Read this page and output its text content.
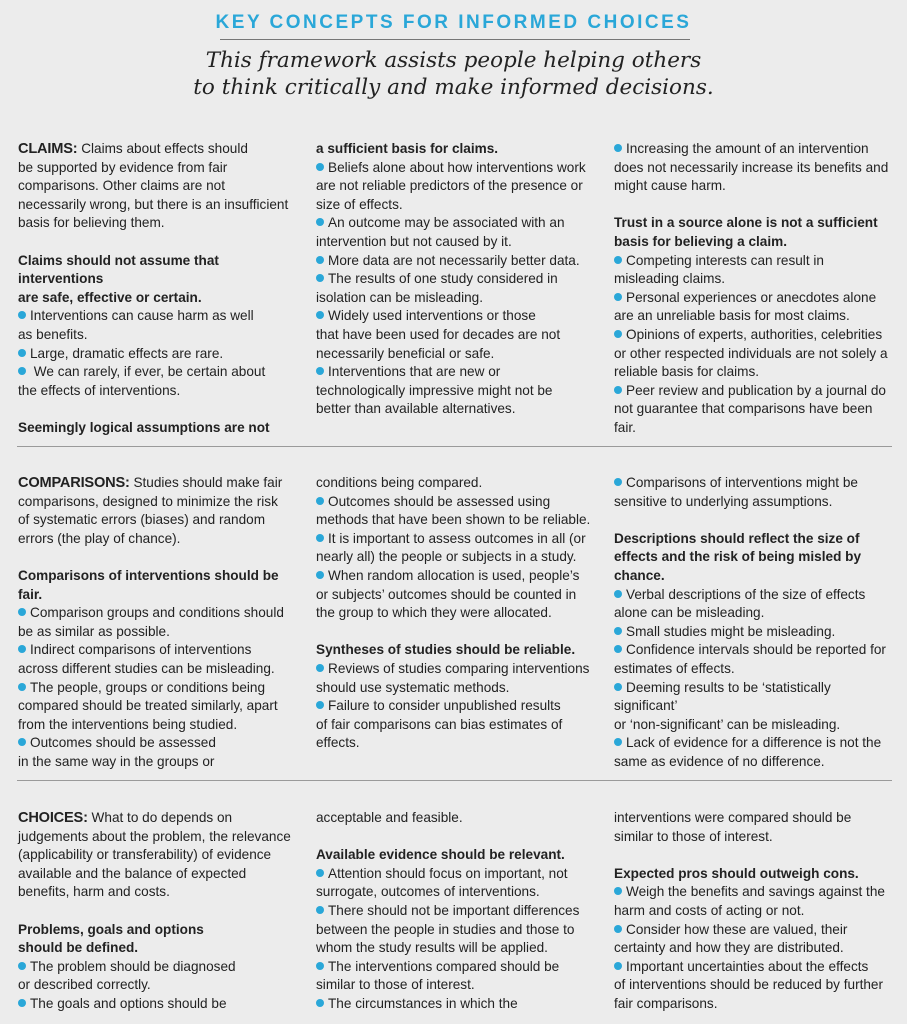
KEY CONCEPTS FOR INFORMED CHOICES
This framework assists people helping others
to think critically and make informed decisions.

CLAIMS: Claims about effects should

be supported by evidence from fair

comparisons. Other claims are not

necessarily wrong, but there is an insufficient

basis for believing them.

Claims should not assume that interventions

are safe, effective or certain.

Interventions can cause harm as well

as benefits.

Large, dramatic effects are rare.

We can rarely, if ever, be certain about

the effects of interventions.

Seemingly logical assumptions are not

a sufficient basis for claims.

Beliefs alone about how interventions work

are not reliable predictors of the presence or

size of effects.

An outcome may be associated with an

intervention but not caused by it.

More data are not necessarily better data.

The results of one study considered in

isolation can be misleading.

Widely used interventions or those

that have been used for decades are not

necessarily beneficial or safe.

Interventions that are new or

technologically impressive might not be

better than available alternatives.

Increasing the amount of an intervention

does not necessarily increase its benefits and

might cause harm.

Trust in a source alone is not a sufficient

basis for believing a claim.

Competing interests can result in

misleading claims.

Personal experiences or anecdotes alone

are an unreliable basis for most claims.

Opinions of experts, authorities, celebrities

or other respected individuals are not solely a

reliable basis for claims.

Peer review and publication by a journal do

not guarantee that comparisons have been fair.

COMPARISONS: Studies should make fair

comparisons, designed to minimize the risk

of systematic errors (biases) and random

errors (the play of chance).

Comparisons of interventions should be fair.

Comparison groups and conditions should

be as similar as possible.

Indirect comparisons of interventions

across different studies can be misleading.

The people, groups or conditions being

compared should be treated similarly, apart

from the interventions being studied.

Outcomes should be assessed

in the same way in the groups or

conditions being compared.

Outcomes should be assessed using

methods that have been shown to be reliable.

It is important to assess outcomes in all (or

nearly all) the people or subjects in a study.

When random allocation is used, people’s

or subjects’ outcomes should be counted in

the group to which they were allocated.

Syntheses of studies should be reliable.

Reviews of studies comparing interventions

should use systematic methods.

Failure to consider unpublished results

of fair comparisons can bias estimates of

effects.

Comparisons of interventions might be

sensitive to underlying assumptions.

Descriptions should reflect the size of

effects and the risk of being misled by

chance.

Verbal descriptions of the size of effects

alone can be misleading.

Small studies might be misleading.

Confidence intervals should be reported for

estimates of effects.

Deeming results to be ‘statistically significant’

or ‘non-significant’ can be misleading.

Lack of evidence for a difference is not the

same as evidence of no difference.

CHOICES: What to do depends on

judgements about the problem, the relevance

(applicability or transferability) of evidence

available and the balance of expected

benefits, harm and costs.

Problems, goals and options

should be defined.

The problem should be diagnosed

or described correctly.

The goals and options should be

acceptable and feasible.

Available evidence should be relevant.

Attention should focus on important, not

surrogate, outcomes of interventions.

There should not be important differences

between the people in studies and those to

whom the study results will be applied.

The interventions compared should be

similar to those of interest.

The circumstances in which the

interventions were compared should be

similar to those of interest.

Expected pros should outweigh cons.

Weigh the benefits and savings against the

harm and costs of acting or not.

Consider how these are valued, their

certainty and how they are distributed.

Important uncertainties about the effects

of interventions should be reduced by further

fair comparisons.
